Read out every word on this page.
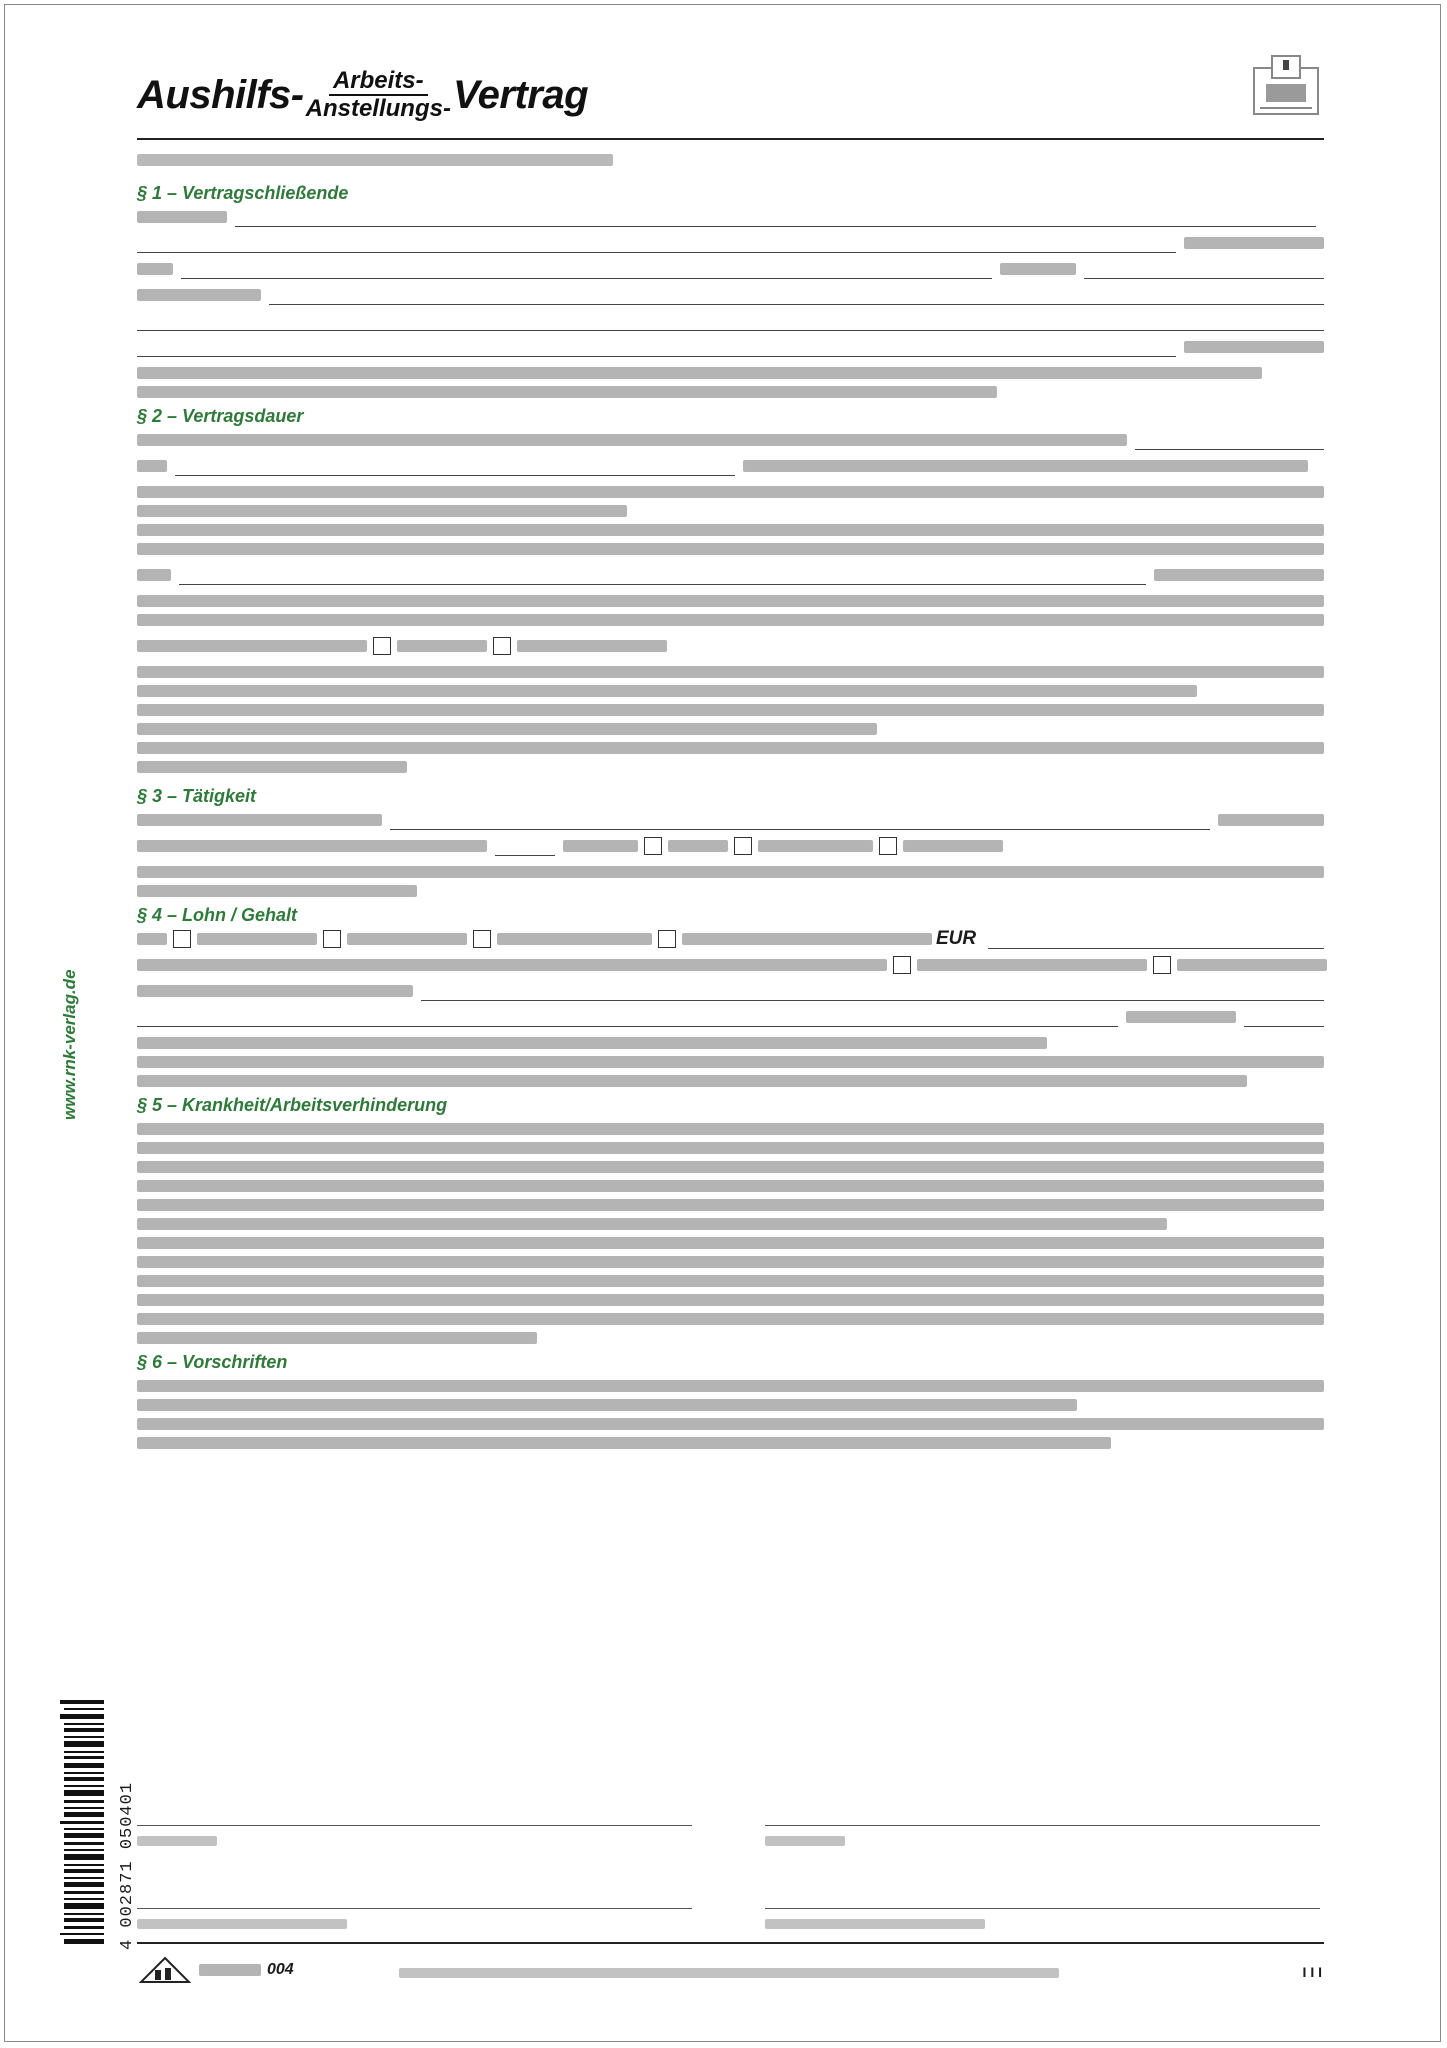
Aushilfs- $\frac{\text{Arbeits-}}{\text{Anstellungs-}}$ Vertrag
§ 1 – Vertragschließende
§ 2 – Vertragsdauer
§ 3 – Tätigkeit
§ 4 – Lohn / Gehalt
EUR
§ 5 – Krankheit/Arbeitsverhinderung
§ 6 – Vorschriften
004	I I I
www.rnk-verlag.de
4 002871 050401
